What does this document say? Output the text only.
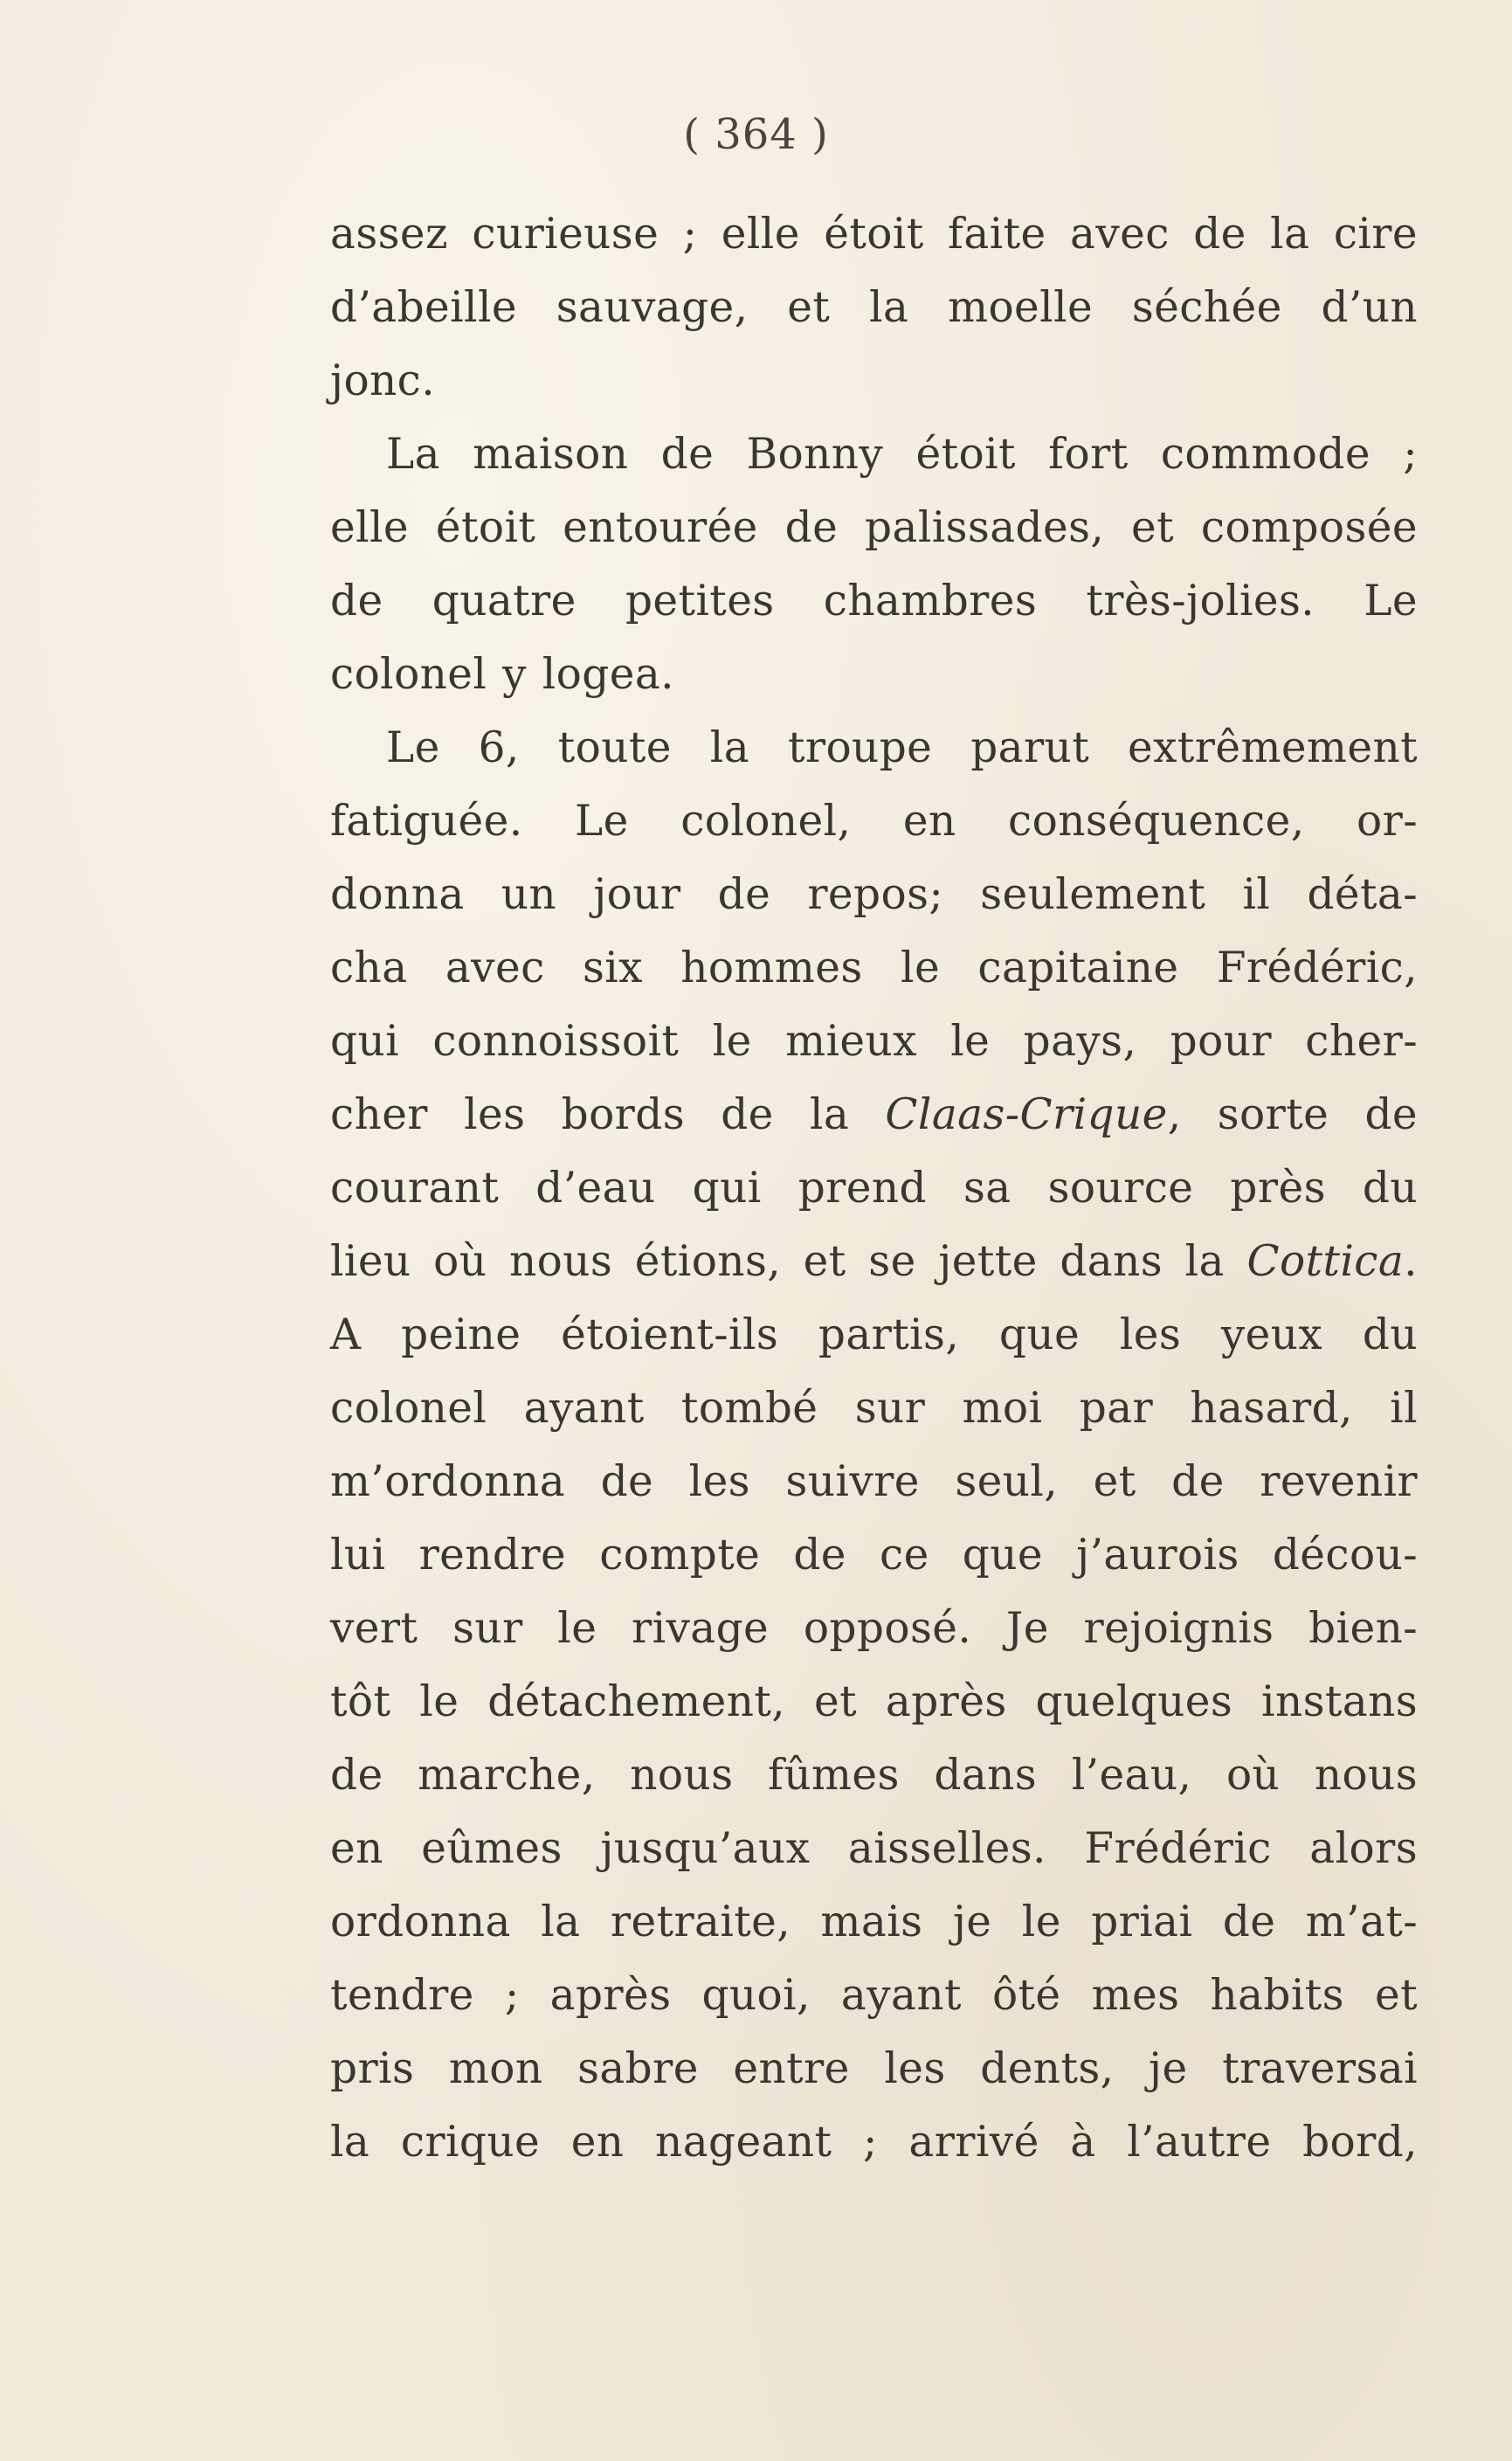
( 364 )
assez curieuse ; elle étoit faite avec de la cire
d’abeille sauvage, et la moelle séchée d’un
jonc.
La maison de Bonny étoit fort commode ;
elle étoit entourée de palissades, et composée
de quatre petites chambres très-jolies. Le
colonel y logea.
Le 6, toute la troupe parut extrêmement
fatiguée. Le colonel, en conséquence, or-
donna un jour de repos; seulement il déta-
cha avec six hommes le capitaine Frédéric,
qui connoissoit le mieux le pays, pour cher-
cher les bords de la Claas-Crique, sorte de
courant d’eau qui prend sa source près du
lieu où nous étions, et se jette dans la Cottica.
A peine étoient-ils partis, que les yeux du
colonel ayant tombé sur moi par hasard, il
m’ordonna de les suivre seul, et de revenir
lui rendre compte de ce que j’aurois décou-
vert sur le rivage opposé. Je rejoignis bien-
tôt le détachement, et après quelques instans
de marche, nous fûmes dans l’eau, où nous
en eûmes jusqu’aux aisselles. Frédéric alors
ordonna la retraite, mais je le priai de m’at-
tendre ; après quoi, ayant ôté mes habits et
pris mon sabre entre les dents, je traversai
la crique en nageant ; arrivé à l’autre bord,
